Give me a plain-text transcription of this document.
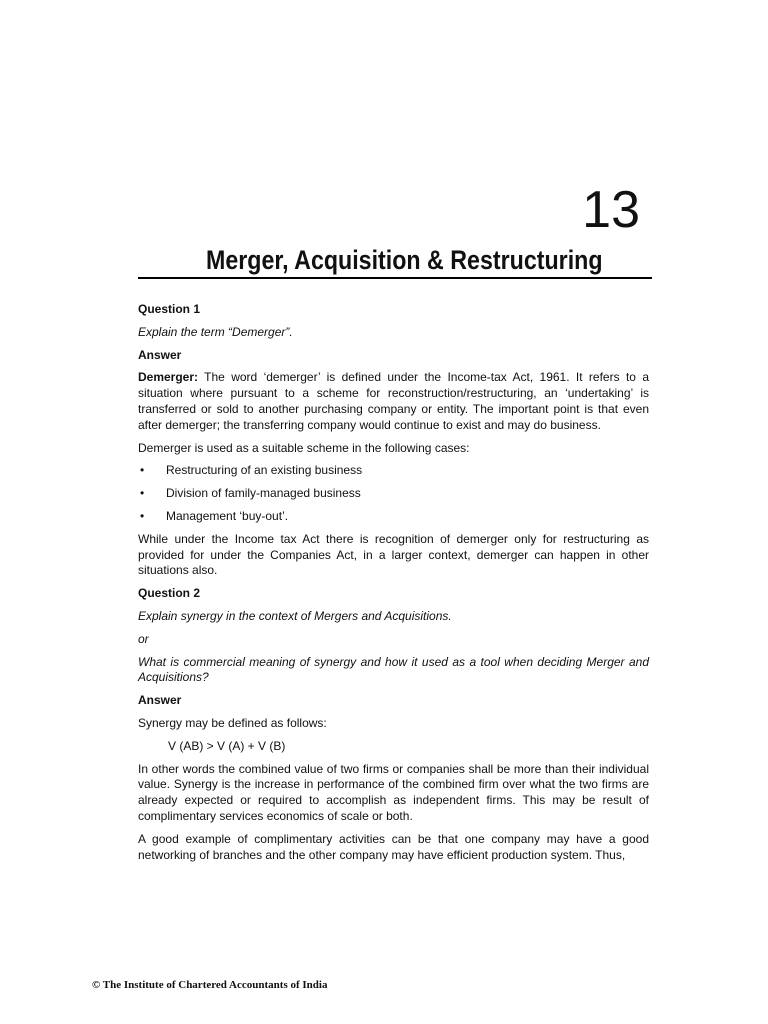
13
Merger, Acquisition & Restructuring

Question 1

Explain the term “Demerger”.

Answer

Demerger: The word ‘demerger’ is defined under the Income-tax Act, 1961. It refers to a situation where pursuant to a scheme for reconstruction/restructuring, an ‘undertaking’ is transferred or sold to another purchasing company or entity. The important point is that even after demerger; the transferring company would continue to exist and may do business.

Demerger is used as a suitable scheme in the following cases:

•	Restructuring of an existing business
•	Division of family-managed business
•	Management ‘buy-out’.

While under the Income tax Act there is recognition of demerger only for restructuring as provided for under the Companies Act, in a larger context, demerger can happen in other situations also.

Question 2

Explain synergy in the context of Mergers and Acquisitions.

or

What is commercial meaning of synergy and how it used as a tool when deciding Merger and Acquisitions?

Answer

Synergy may be defined as follows:

V (AB) > V (A) + V (B)

In other words the combined value of two firms or companies shall be more than their individual value. Synergy is the increase in performance of the combined firm over what the two firms are already expected or required to accomplish as independent firms. This may be result of complimentary services economics of scale or both.

A good example of complimentary activities can be that one company may have a good networking of branches and the other company may have efficient production system. Thus,

© The Institute of Chartered Accountants of India
